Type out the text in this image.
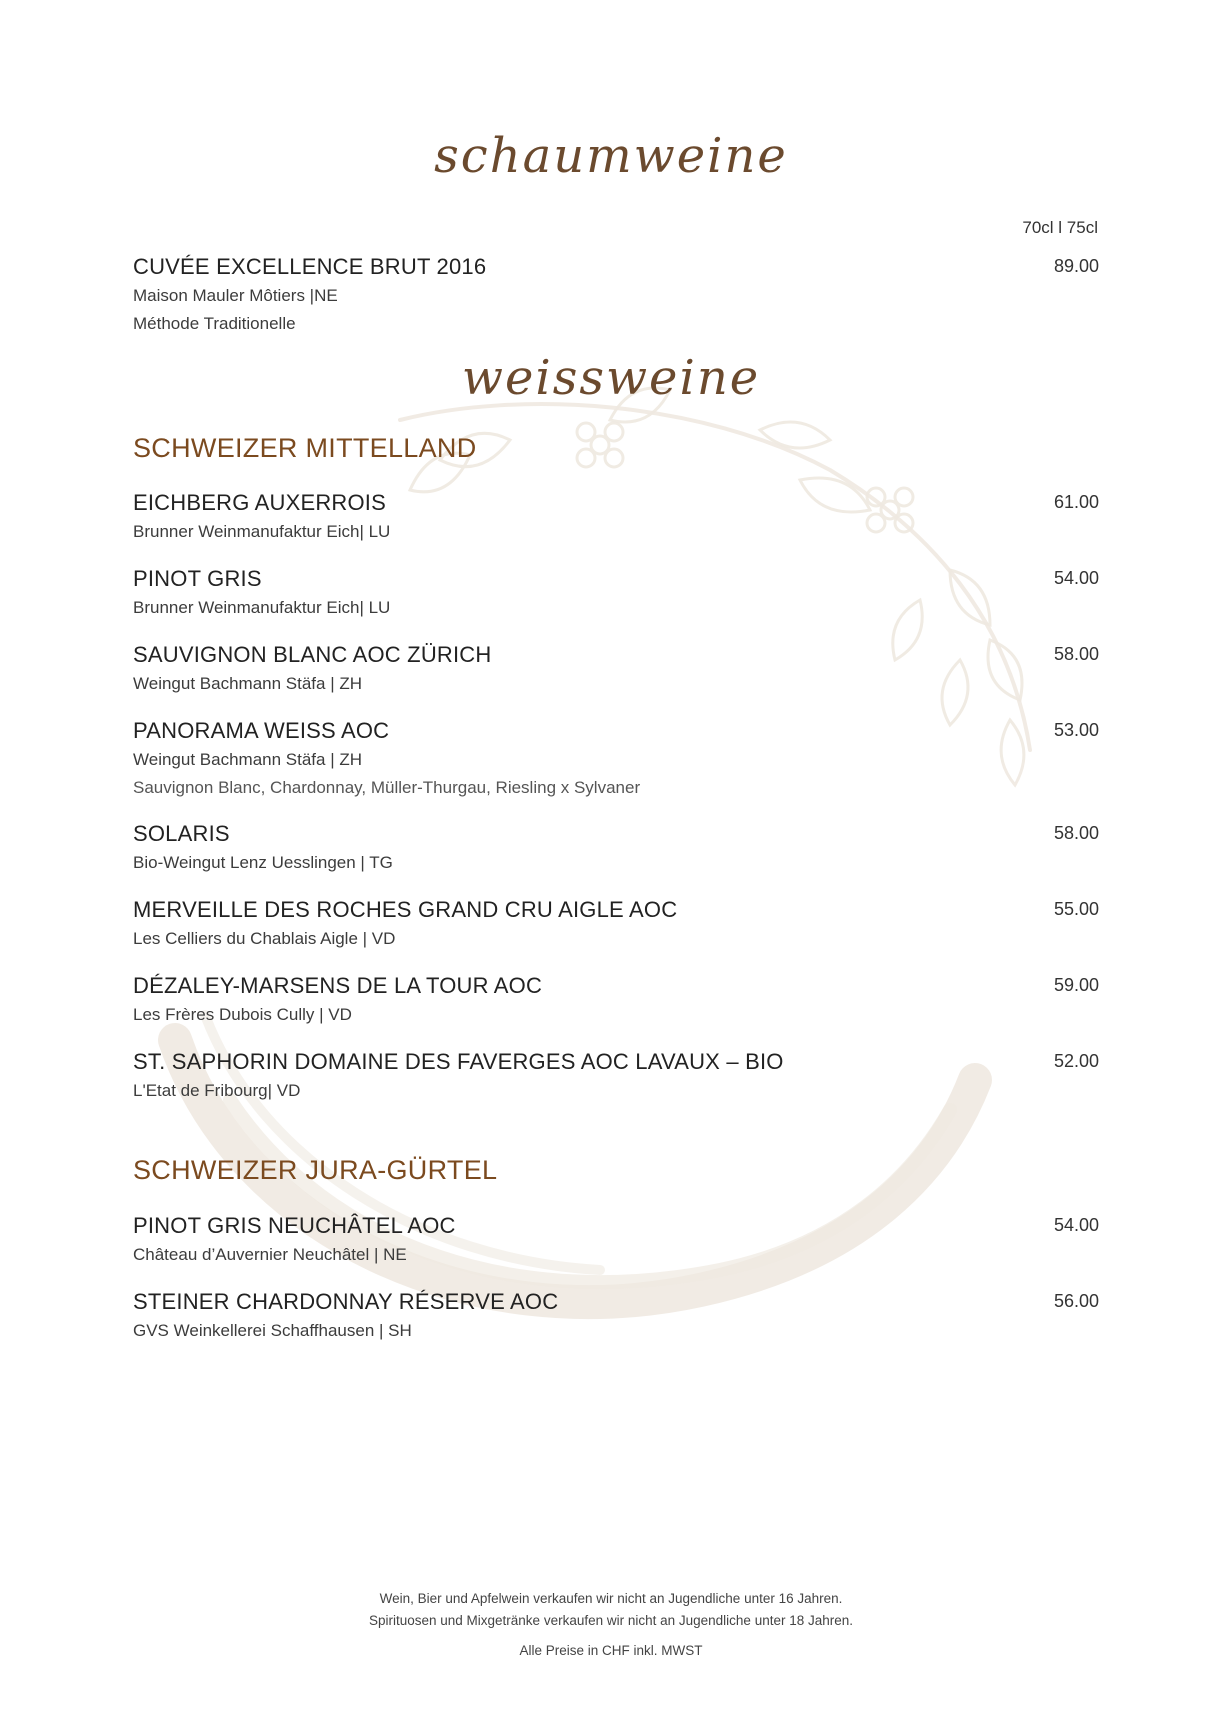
schaumweine
70cl l 75cl
CUVÉE EXCELLENCE BRUT 2016
Maison Mauler Môtiers |NE
Méthode Traditionelle
89.00
weissweine
SCHWEIZER MITTELLAND
EICHBERG AUXERROIS
Brunner Weinmanufaktur Eich| LU
61.00
PINOT GRIS
Brunner Weinmanufaktur Eich| LU
54.00
SAUVIGNON BLANC AOC ZÜRICH
Weingut Bachmann Stäfa | ZH
58.00
PANORAMA WEISS AOC
Weingut Bachmann Stäfa | ZH
Sauvignon Blanc, Chardonnay, Müller-Thurgau, Riesling x Sylvaner
53.00
SOLARIS
Bio-Weingut Lenz Uesslingen | TG
58.00
MERVEILLE DES ROCHES GRAND CRU AIGLE AOC
Les Celliers du Chablais Aigle | VD
55.00
DÉZALEY-MARSENS DE LA TOUR AOC
Les Frères Dubois Cully | VD
59.00
ST. SAPHORIN DOMAINE DES FAVERGES AOC LAVAUX – BIO
L'Etat de Fribourg| VD
52.00
SCHWEIZER JURA-GÜRTEL
PINOT GRIS NEUCHÂTEL AOC
Château d’Auvernier Neuchâtel | NE
54.00
STEINER CHARDONNAY RÉSERVE AOC
GVS Weinkellerei Schaffhausen | SH
56.00
Wein, Bier und Apfelwein verkaufen wir nicht an Jugendliche unter 16 Jahren.
Spirituosen und Mixgetränke verkaufen wir nicht an Jugendliche unter 18 Jahren.
Alle Preise in CHF inkl. MWST
